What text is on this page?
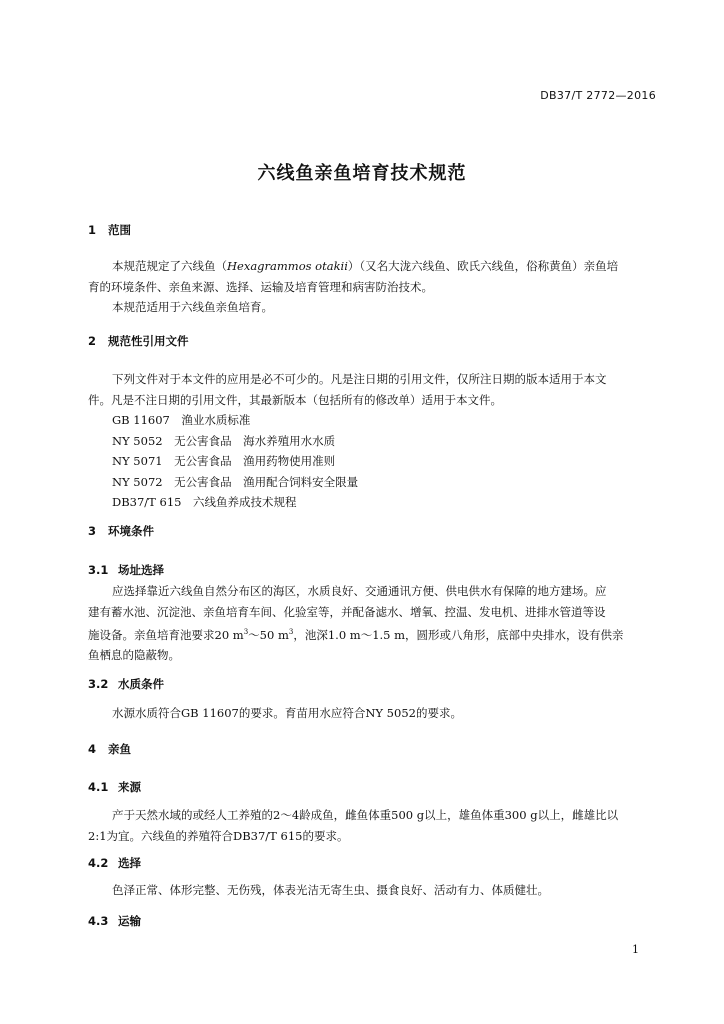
DB37/T 2772—2016
六线鱼亲鱼培育技术规范
1 范围
本规范规定了六线鱼（Hexagrammos otakii）（又名大泷六线鱼、欧氏六线鱼，俗称黄鱼）亲鱼培
育的环境条件、亲鱼来源、选择、运输及培育管理和病害防治技术。
本规范适用于六线鱼亲鱼培育。
2 规范性引用文件
下列文件对于本文件的应用是必不可少的。凡是注日期的引用文件，仅所注日期的版本适用于本文
件。凡是不注日期的引用文件，其最新版本（包括所有的修改单）适用于本文件。
GB 11607　 渔业水质标准
NY 5052　 无公害食品　海水养殖用水水质
NY 5071　 无公害食品　渔用药物使用准则
NY 5072　 无公害食品　渔用配合饲料安全限量
DB37/T 615　 六线鱼养成技术规程
3 环境条件
3.1 场址选择
应选择靠近六线鱼自然分布区的海区，水质良好、交通通讯方便、供电供水有保障的地方建场。应
建有蓄水池、沉淀池、亲鱼培育车间、化验室等，并配备滤水、增氧、控温、发电机、进排水管道等设
施设备。亲鱼培育池要求20 $m^3\sim 50$ $m^3$，池深1.0 m～1.5 m，圆形或八角形，底部中央排水，设有供亲
鱼栖息的隐蔽物。
3.2 水质条件
水源水质符合GB 11607的要求。育苗用水应符合NY 5052的要求。
4 亲鱼
4.1 来源
产于天然水域的或经人工养殖的2～4龄成鱼，雌鱼体重500 g以上，雄鱼体重300 g以上，雌雄比以
2:1为宜。六线鱼的养殖符合DB37/T 615的要求。
4.2 选择
色泽正常、体形完整、无伤残，体表光洁无寄生虫、摄食良好、活动有力、体质健壮。
4.3 运输
1
